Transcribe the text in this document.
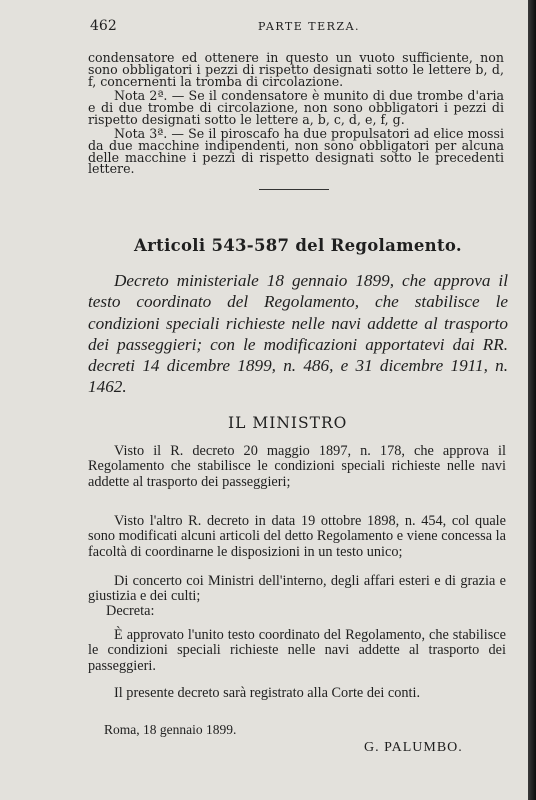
462	PARTE TERZA.

condensatore ed ottenere in questo un vuoto sufficiente, non sono obbligatori i pezzi di rispetto designati sotto le lettere b, d, f, concernenti la tromba di circolazione.

Nota 2ª. — Se il condensatore è munito di due trombe d'aria e di due trombe di circolazione, non sono obbligatori i pezzi di rispetto designati sotto le lettere a, b, c, d, e, f, g.

Nota 3ª. — Se il piroscafo ha due propulsatori ad elice mossi da due macchine indipendenti, non sono obbligatori per alcuna delle macchine i pezzi di rispetto designati sotto le precedenti lettere.

Articoli 543-587 del Regolamento.
Decreto ministeriale 18 gennaio 1899, che approva il testo coordinato del Regolamento, che stabilisce le condizioni speciali richieste nelle navi addette al trasporto dei passeggieri; con le modificazioni apportatevi dai RR. decreti 14 dicembre 1899, n. 486, e 31 dicembre 1911, n. 1462.
IL MINISTRO

Visto il R. decreto 20 maggio 1897, n. 178, che approva il Regolamento che stabilisce le condizioni speciali richieste nelle navi addette al trasporto dei passeggieri;

Visto l'altro R. decreto in data 19 ottobre 1898, n. 454, col quale sono modificati alcuni articoli del detto Regolamento e viene concessa la facoltà di coordinarne le disposizioni in un testo unico;

Di concerto coi Ministri dell'interno, degli affari esteri e di grazia e giustizia e dei culti;

Decreta:

È approvato l'unito testo coordinato del Regolamento, che stabilisce le condizioni speciali richieste nelle navi addette al trasporto dei passeggieri.

Il presente decreto sarà registrato alla Corte dei conti.

Roma, 18 gennaio 1899.
G. PALUMBO.
